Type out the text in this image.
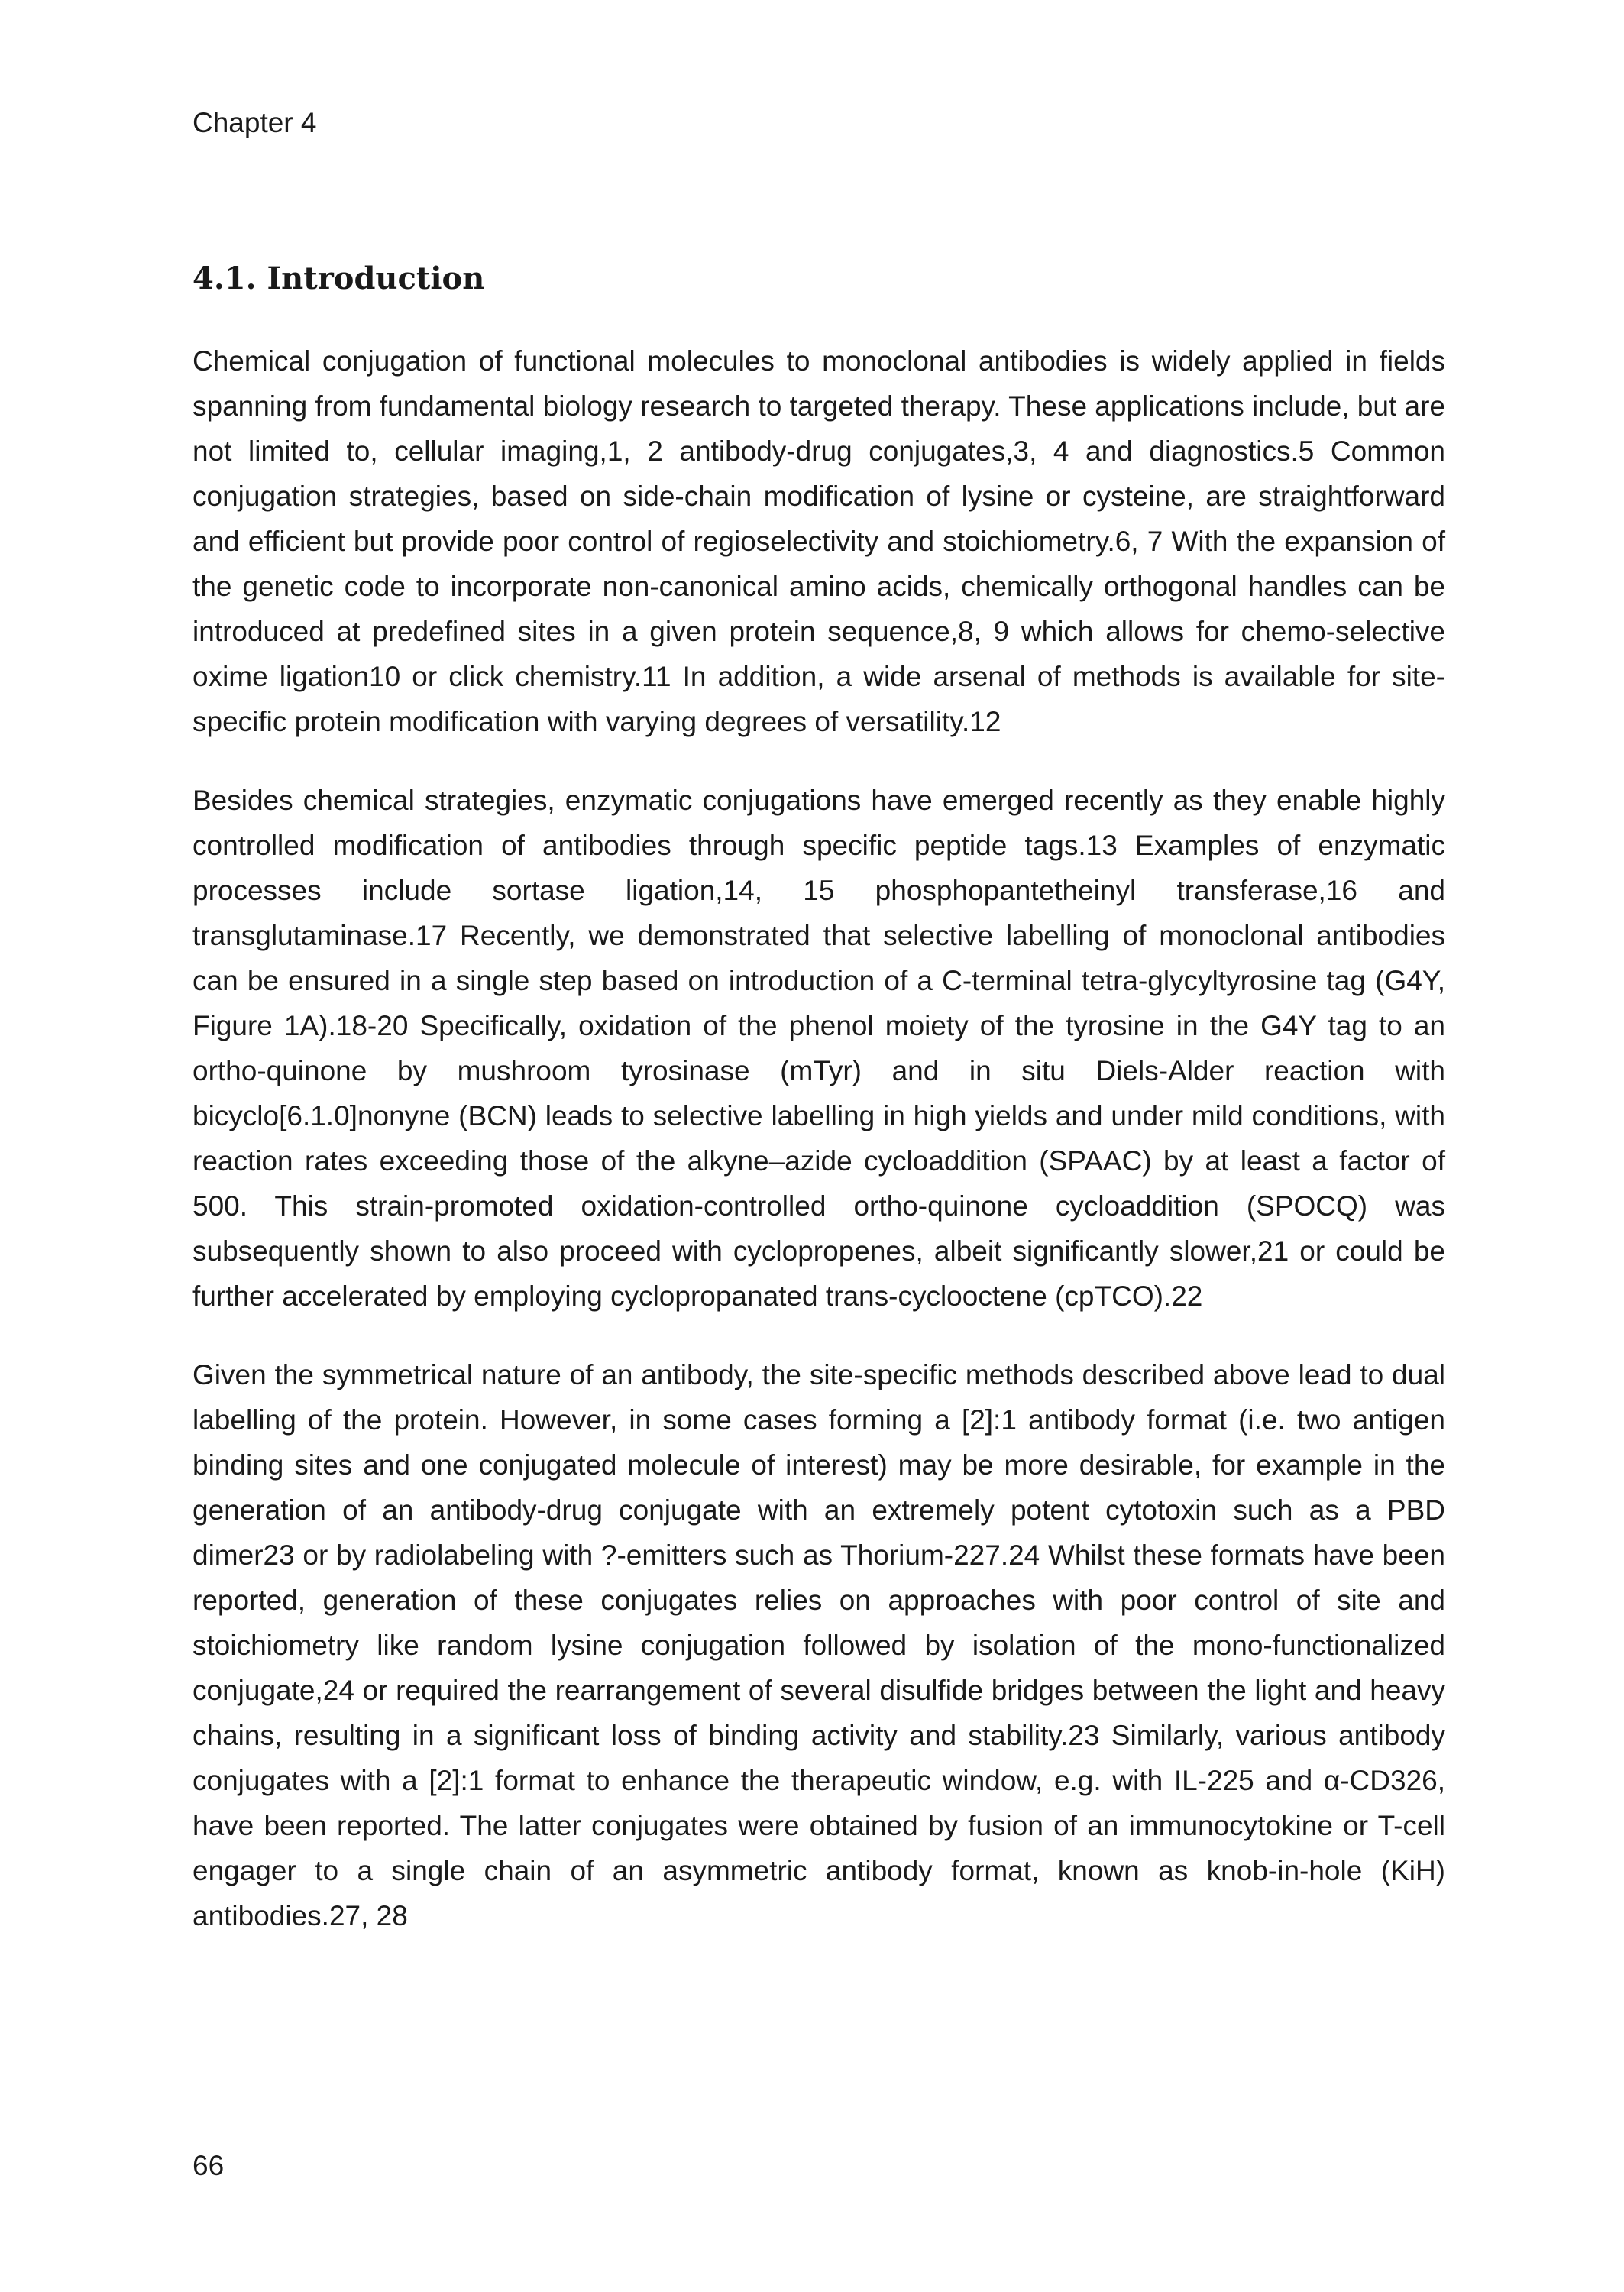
Chapter 4
4.1. Introduction

Chemical conjugation of functional molecules to monoclonal antibodies is widely applied in fields spanning from fundamental biology research to targeted therapy. These applications include, but are not limited to, cellular imaging,1, 2 antibody-drug conjugates,3, 4 and diagnostics.5 Common conjugation strategies, based on side-chain modification of lysine or cysteine, are straightforward and efficient but provide poor control of regioselectivity and stoichiometry.6, 7 With the expansion of the genetic code to incorporate non-canonical amino acids, chemically orthogonal handles can be introduced at predefined sites in a given protein sequence,8, 9 which allows for chemo-selective oxime ligation10 or click chemistry.11 In addition, a wide arsenal of methods is available for site-specific protein modification with varying degrees of versatility.12

Besides chemical strategies, enzymatic conjugations have emerged recently as they enable highly controlled modification of antibodies through specific peptide tags.13 Examples of enzymatic processes include sortase ligation,14, 15 phosphopantetheinyl transferase,16 and transglutaminase.17 Recently, we demonstrated that selective labelling of monoclonal antibodies can be ensured in a single step based on introduction of a C-terminal tetra-glycyltyrosine tag (G4Y, Figure 1A).18-20 Specifically, oxidation of the phenol moiety of the tyrosine in the G4Y tag to an ortho-quinone by mushroom tyrosinase (mTyr) and in situ Diels-Alder reaction with bicyclo[6.1.0]nonyne (BCN) leads to selective labelling in high yields and under mild conditions, with reaction rates exceeding those of the alkyne–azide cycloaddition (SPAAC) by at least a factor of 500. This strain-promoted oxidation-controlled ortho-quinone cycloaddition (SPOCQ) was subsequently shown to also proceed with cyclopropenes, albeit significantly slower,21 or could be further accelerated by employing cyclopropanated trans-cyclooctene (cpTCO).22

Given the symmetrical nature of an antibody, the site-specific methods described above lead to dual labelling of the protein. However, in some cases forming a [2]:1 antibody format (i.e. two antigen binding sites and one conjugated molecule of interest) may be more desirable, for example in the generation of an antibody-drug conjugate with an extremely potent cytotoxin such as a PBD dimer23 or by radiolabeling with ?-emitters such as Thorium-227.24 Whilst these formats have been reported, generation of these conjugates relies on approaches with poor control of site and stoichiometry like random lysine conjugation followed by isolation of the mono-functionalized conjugate,24 or required the rearrangement of several disulfide bridges between the light and heavy chains, resulting in a significant loss of binding activity and stability.23 Similarly, various antibody conjugates with a [2]:1 format to enhance the therapeutic window, e.g. with IL-225 and α-CD326, have been reported. The latter conjugates were obtained by fusion of an immunocytokine or T-cell engager to a single chain of an asymmetric antibody format, known as knob-in-hole (KiH) antibodies.27, 28

66
